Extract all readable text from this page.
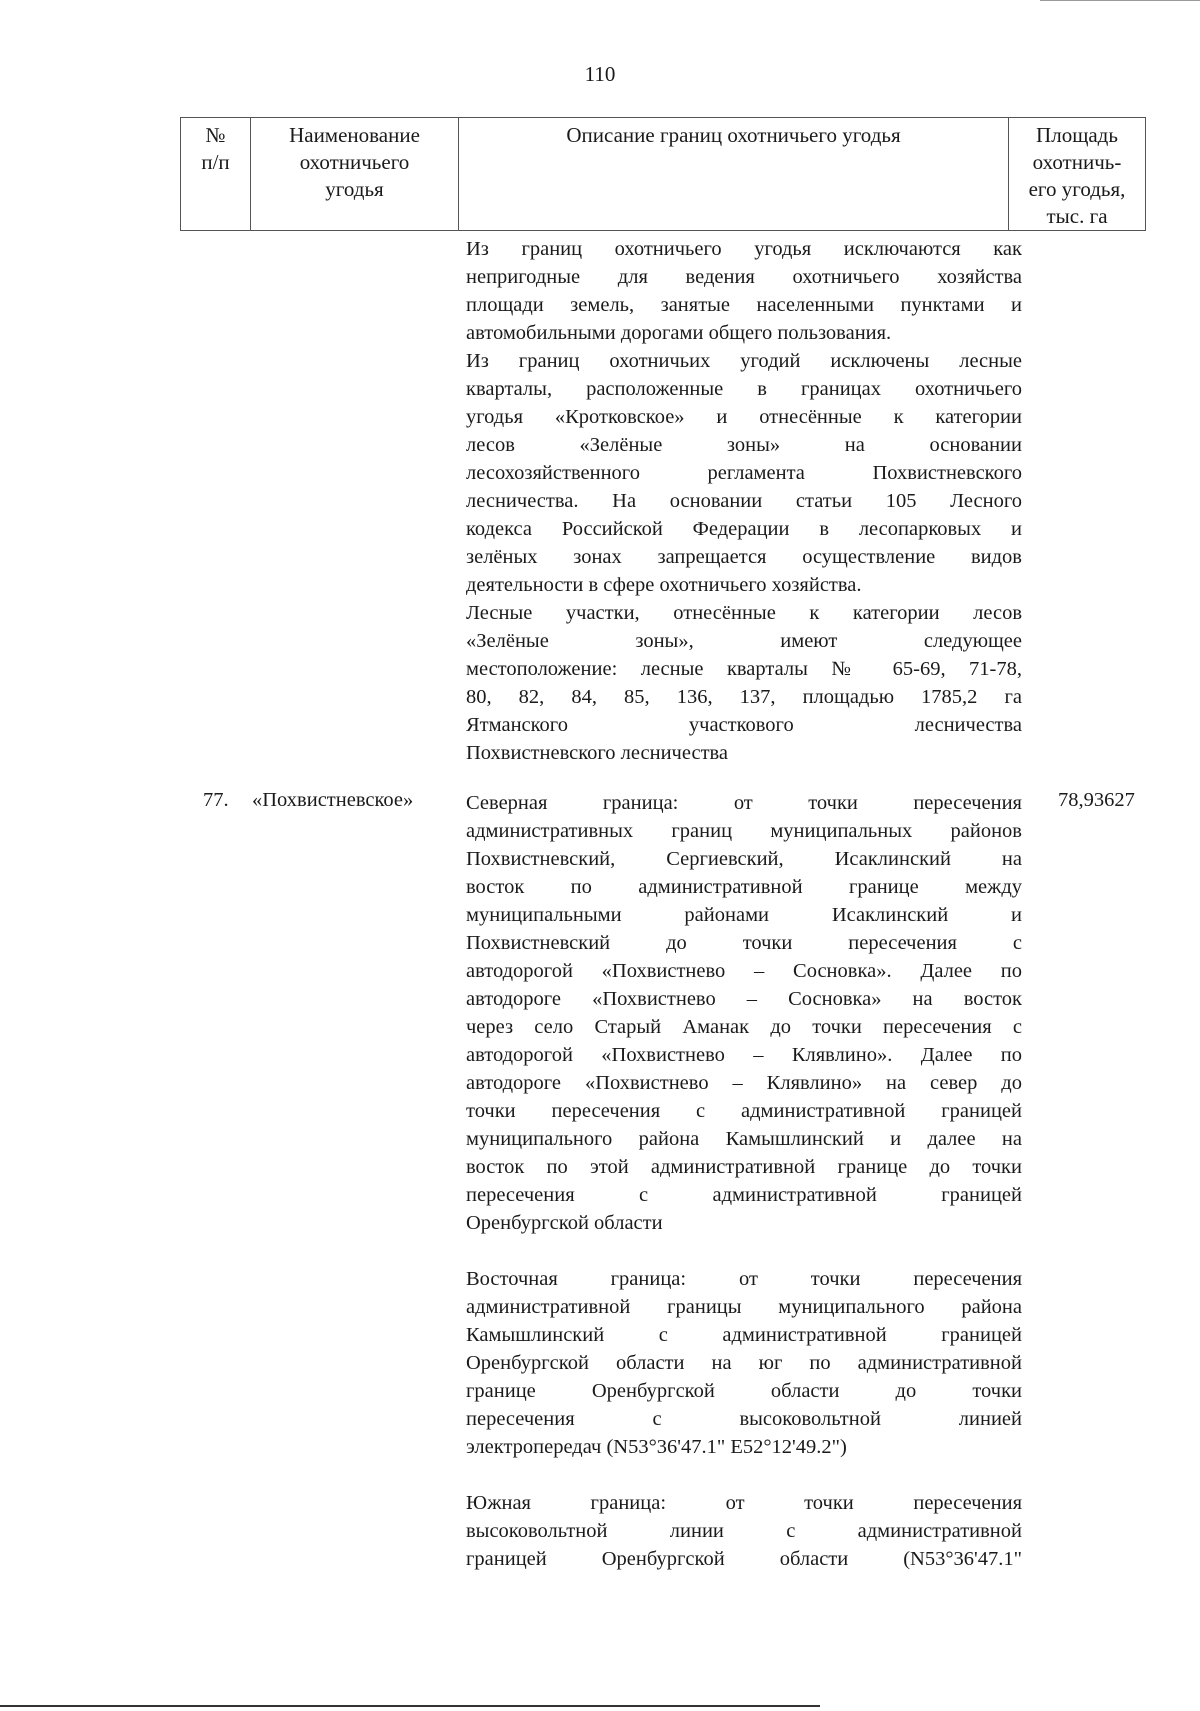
110
№
п/п
Наименование
охотничьего
угодья
Описание границ охотничьего угодья	Площадь
охотничь-
его угодья,
тыс. га
Из границ охотничьего угодья исключаются как
непригодные для ведения охотничьего хозяйства
площади земель, занятые населенными пунктами и
автомобильными дорогами общего пользования.
Из границ охотничьих угодий исключены лесные
кварталы, расположенные в границах охотничьего
угодья «Кротковское» и отнесённые к категории
лесов «Зелёные зоны» на основании
лесохозяйственного регламента Похвистневского
лесничества. На основании статьи 105 Лесного
кодекса Российской Федерации в лесопарковых и
зелёных зонах запрещается осуществление видов
деятельности в сфере охотничьего хозяйства.
Лесные участки, отнесённые к категории лесов
«Зелёные зоны», имеют следующее
местоположение: лесные кварталы № 65-69, 71-78,
80, 82, 84, 85, 136, 137, площадью 1785,2 га
Ятманского участкового лесничества
Похвистневского лесничества
77. «Похвистневское»	78,93627
Северная граница: от точки пересечения
административных границ муниципальных районов
Похвистневский, Сергиевский, Исаклинский на
восток по административной границе между
муниципальными районами Исаклинский и
Похвистневский до точки пересечения с
автодорогой «Похвистнево – Сосновка». Далее по
автодороге «Похвистнево – Сосновка» на восток
через село Старый Аманак до точки пересечения с
автодорогой «Похвистнево – Клявлино». Далее по
автодороге «Похвистнево – Клявлино» на север до
точки пересечения с административной границей
муниципального района Камышлинский и далее на
восток по этой административной границе до точки
пересечения с административной границей
Оренбургской области
Восточная граница: от точки пересечения
административной границы муниципального района
Камышлинский с административной границей
Оренбургской области на юг по административной
границе Оренбургской области до точки
пересечения с высоковольтной линией
электропередач (N53°36'47.1" E52°12'49.2")
Южная граница: от точки пересечения
высоковольтной линии с административной
границей Оренбургской области (N53°36'47.1"
